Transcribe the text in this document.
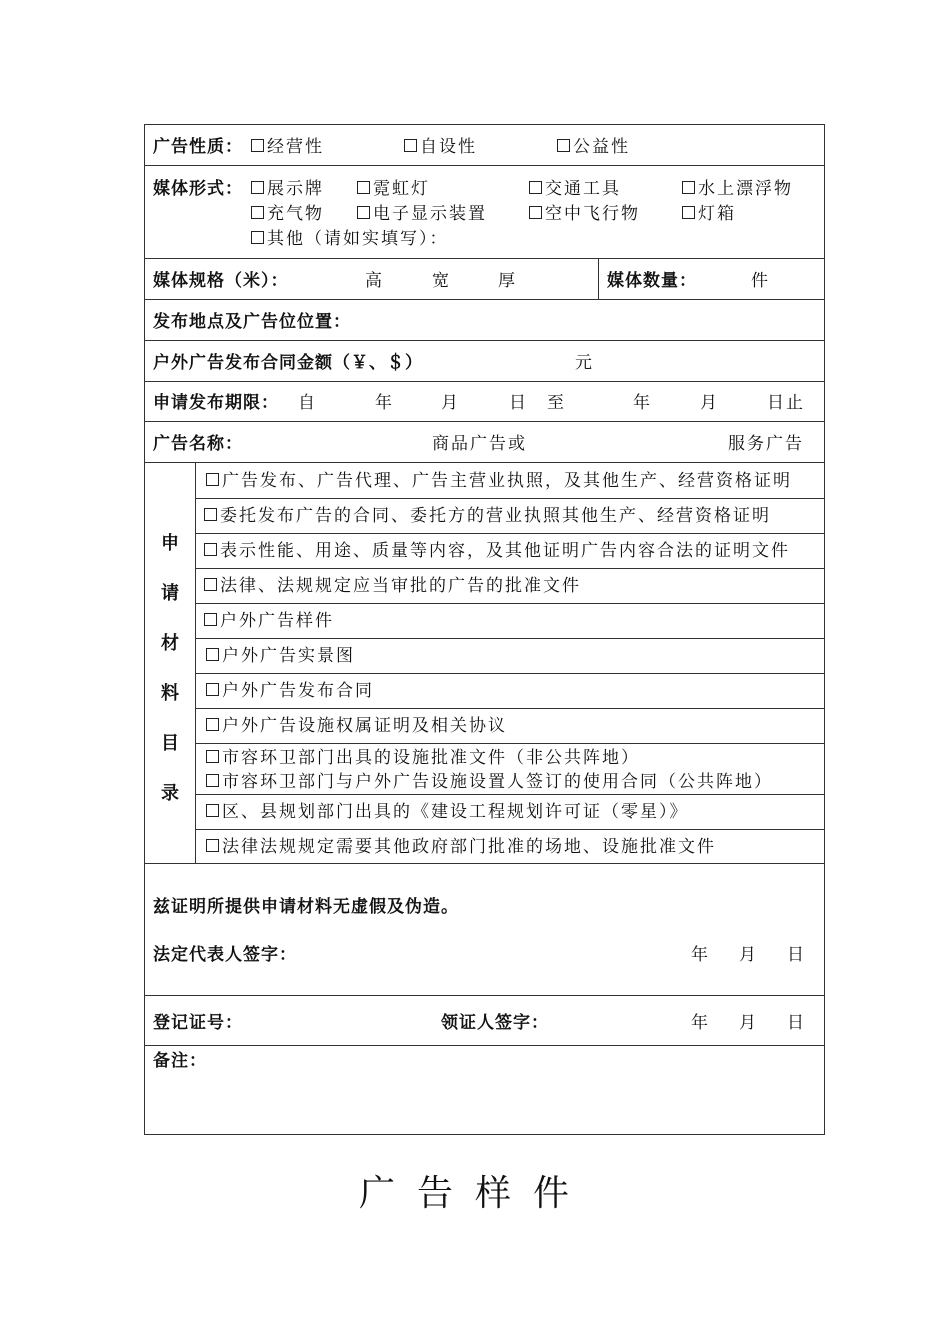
广告性质：	经营性	自设性	公益性
媒体形式：	展示牌	霓虹灯	交通工具	水上漂浮物
充气物	电子显示装置	空中飞行物	灯箱
其他（请如实填写）：
媒体规格（米）：	高	宽	厚	媒体数量：	件
发布地点及广告位位置：
户外广告发布合同金额（￥、＄）	元
申请发布期限： 自	年	月	日 至	年	月	日止
广告名称：	商品广告或	服务广告
申
请
材
料
目
录
广告发布、广告代理、广告主营业执照，及其他生产、经营资格证明
委托发布广告的合同、委托方的营业执照其他生产、经营资格证明
表示性能、用途、质量等内容，及其他证明广告内容合法的证明文件
法律、法规规定应当审批的广告的批准文件
户外广告样件
户外广告实景图
户外广告发布合同
户外广告设施权属证明及相关协议
市容环卫部门出具的设施批准文件（非公共阵地）
市容环卫部门与户外广告设施设置人签订的使用合同（公共阵地）
区、县规划部门出具的《建设工程规划许可证（零星）》
法律法规规定需要其他政府部门批准的场地、设施批准文件
兹证明所提供申请材料无虚假及伪造。
法定代表人签字：	年 月 日
登记证号：	领证人签字：	年 月 日
备注：
广告样件
